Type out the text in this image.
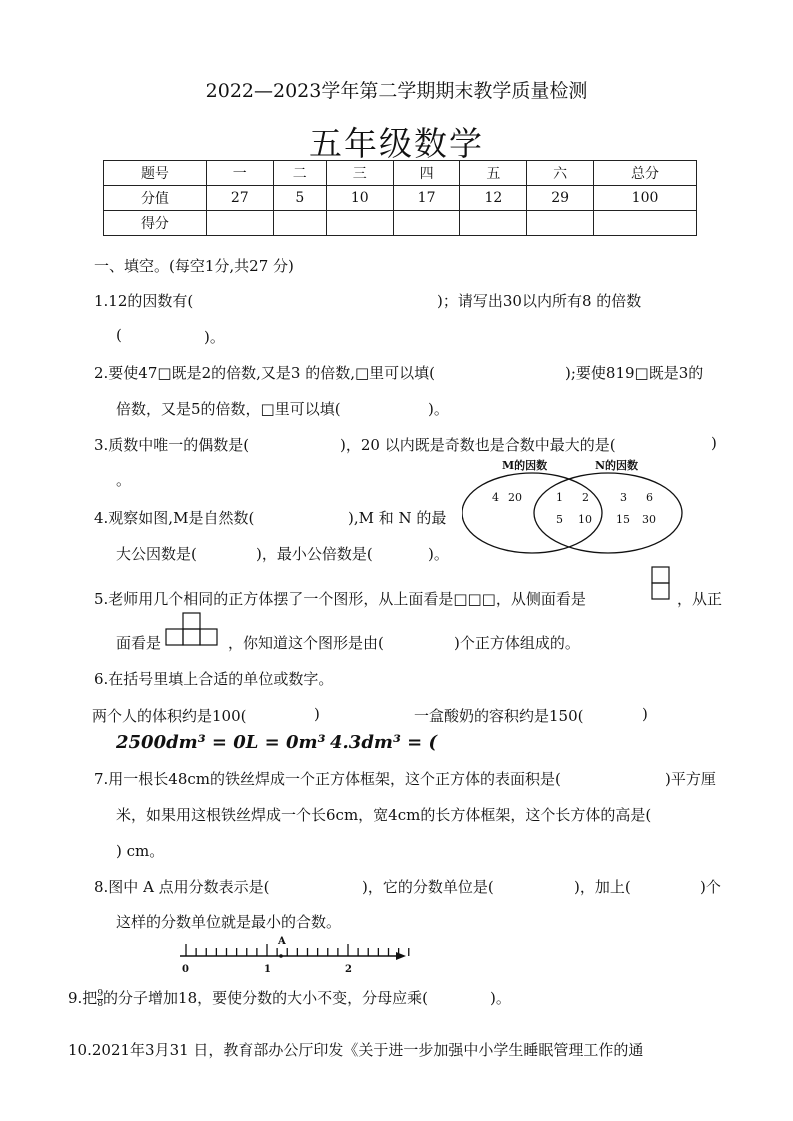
2022—2023学年第二学期期末教学质量检测
五年级数学
题号	一	二	三	四	五	六	总分
分值	27	5	10	17	12	29	100
得分							
一、填空。(每空1分,共27 分)
1.12的因数有(	)；请写出30以内所有8 的倍数
(	)。
2.要使47□既是2的倍数,又是3 的倍数,□里可以填(	);要使819□既是3的
倍数，又是5的倍数，□里可以填(	)。
3.质数中唯一的偶数是(	)，20 以内既是奇数也是合数中最大的是(	)
。
4.观察如图,M是自然数(	),M 和 N 的最
大公因数是(	)，最小公倍数是(	)。
M的因数	N的因数
4 20	1 2
5 10
3 6
15 30
5.老师用几个相同的正方体摆了一个图形，从上面看是□□□，从侧面看是	，从正
面看是	，你知道这个图形是由(	)个正方体组成的。
6.在括号里填上合适的单位或数字。
两个人的体积约是100(	)	一盒酸奶的容积约是150(	)
2500dm³ = 0L = 0m³ 4.3dm³ = (
7.用一根长48cm的铁丝焊成一个正方体框架，这个正方体的表面积是(	)平方厘
米，如果用这根铁丝焊成一个长6cm，宽4cm的长方体框架，这个长方体的高是(
) cm。
8.图中 A 点用分数表示是(	)，它的分数单位是(	)，加上(	)个
这样的分数单位就是最小的合数。
0	1	2
A
9.把 $\frac{9}{8}$ 的分子增加18，要使分数的大小不变，分母应乘(	)。
10.2021年3月31 日，教育部办公厅印发《关于进一步加强中小学生睡眠管理工作的通
